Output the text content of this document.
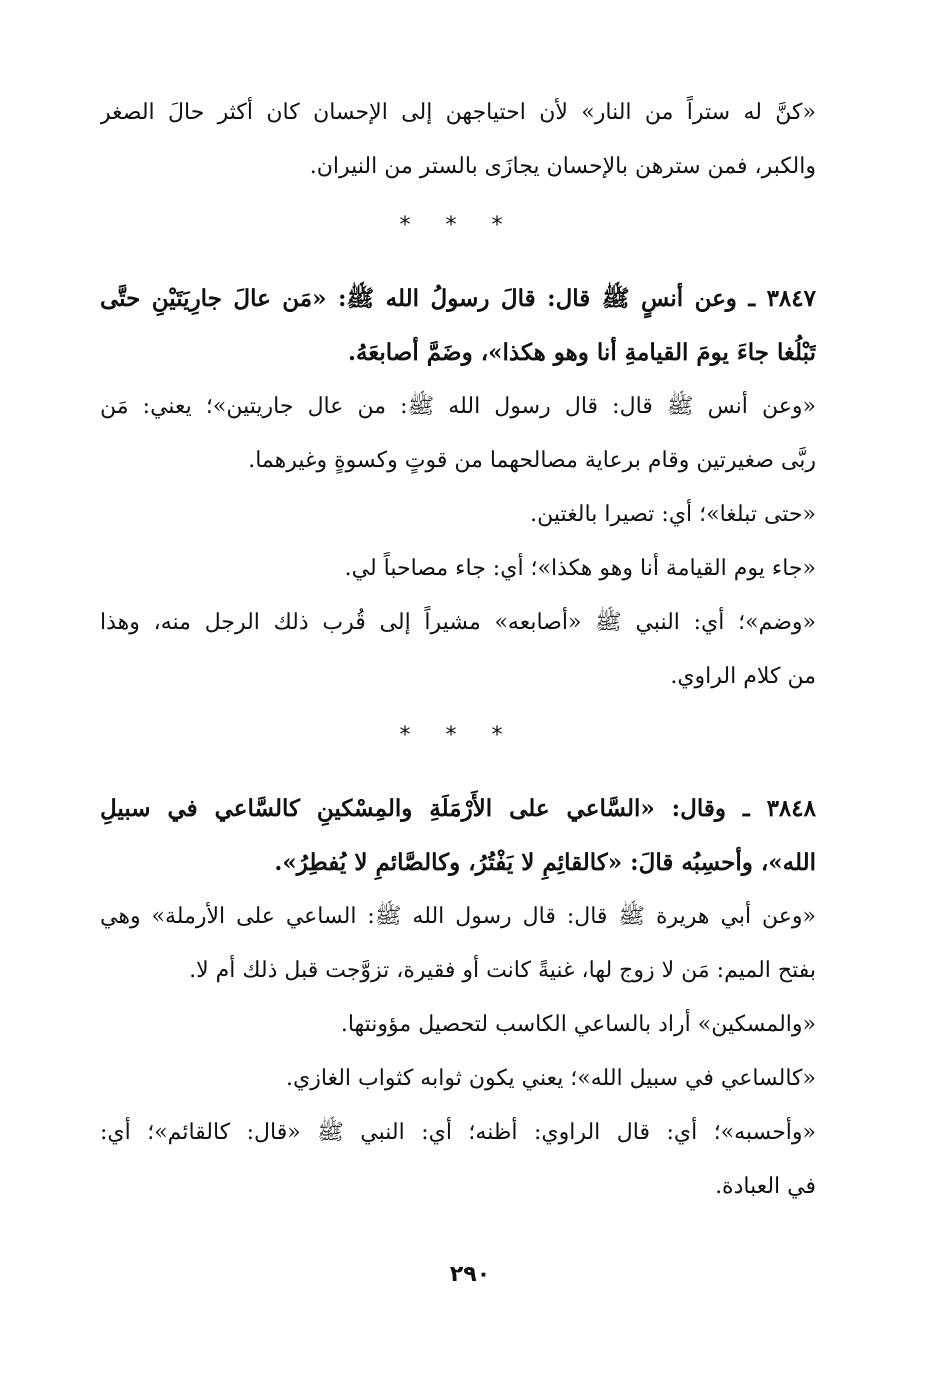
«كنَّ له ستراً من النار» لأن احتياجهن إلى الإحسان كان أكثر حالَ الصغر
والكبر، فمن سترهن بالإحسان يجازَى بالستر من النيران.
* * *
٣٨٤٧ ـ وعن أنسٍ ﷺ قال: قالَ رسولُ الله ﷺ: «مَن عالَ جارِيَتَيْنِ حتَّى
تَبْلُغا جاءَ يومَ القيامةِ أنا وهو هكذا»، وضَمَّ أصابعَهُ.
«وعن أنس ﷺ قال: قال رسول الله ﷺ: من عال جاريتين»؛ يعني: مَن
ربَّى صغيرتين وقام برعاية مصالحهما من قوتٍ وكسوةٍ وغيرهما.
«حتى تبلغا»؛ أي: تصيرا بالغتين.
«جاء يوم القيامة أنا وهو هكذا»؛ أي: جاء مصاحباً لي.
«وضم»؛ أي: النبي ﷺ «أصابعه» مشيراً إلى قُرب ذلك الرجل منه، وهذا
من كلام الراوي.
* * *
٣٨٤٨ ـ وقال: «السَّاعي على الأَرْمَلَةِ والمِسْكينِ كالسَّاعي في سبيلِ
الله»، وأحسِبُه قالَ: «كالقائِمِ لا يَفْتُرُ، وكالصَّائمِ لا يُفطِرُ».
«وعن أبي هريرة ﷺ قال: قال رسول الله ﷺ: الساعي على الأرملة» وهي
بفتح الميم: مَن لا زوج لها، غنيةً كانت أو فقيرة، تزوَّجت قبل ذلك أم لا.
«والمسكين» أراد بالساعي الكاسب لتحصيل مؤونتها.
«كالساعي في سبيل الله»؛ يعني يكون ثوابه كثواب الغازي.
«وأحسبه»؛ أي: قال الراوي: أظنه؛ أي: النبي ﷺ «قال: كالقائم»؛ أي:
في العبادة.
٢٩٠
